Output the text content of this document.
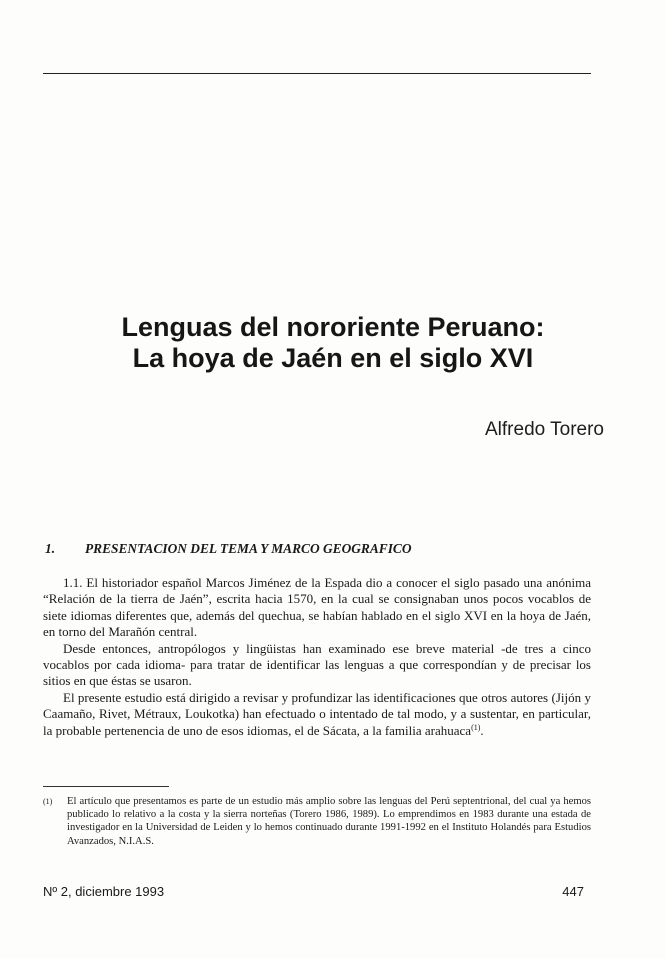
Lenguas del nororiente Peruano:
La hoya de Jaén en el siglo XVI
Alfredo Torero
1. PRESENTACION DEL TEMA Y MARCO GEOGRAFICO

1.1. El historiador español Marcos Jiménez de la Espada dio a conocer el siglo pasado una anónima “Relación de la tierra de Jaén”, escrita hacia 1570, en la cual se consignaban unos pocos vocablos de siete idiomas diferentes que, además del quechua, se habían hablado en el siglo XVI en la hoya de Jaén, en torno del Marañón central.

Desde entonces, antropólogos y lingüistas han examinado ese breve material -de tres a cinco vocablos por cada idioma- para tratar de identificar las lenguas a que correspondían y de precisar los sitios en que éstas se usaron.

El presente estudio está dirigido a revisar y profundizar las identificaciones que otros autores (Jijón y Caamaño, Rivet, Métraux, Loukotka) han efectuado o intentado de tal modo, y a sustentar, en particular, la probable pertenencia de uno de esos idiomas, el de Sácata, a la familia arahuaca$^{(1)}$.

(1) El artículo que presentamos es parte de un estudio más amplio sobre las lenguas del Perú septentrional, del cual ya hemos publicado lo relativo a la costa y la sierra norteñas (Torero 1986, 1989). Lo emprendimos en 1983 durante una estada de investigador en la Universidad de Leiden y lo hemos continuado durante 1991-1992 en el Instituto Holandés para Estudios Avanzados, N.I.A.S.
Nº 2, diciembre 1993	447
